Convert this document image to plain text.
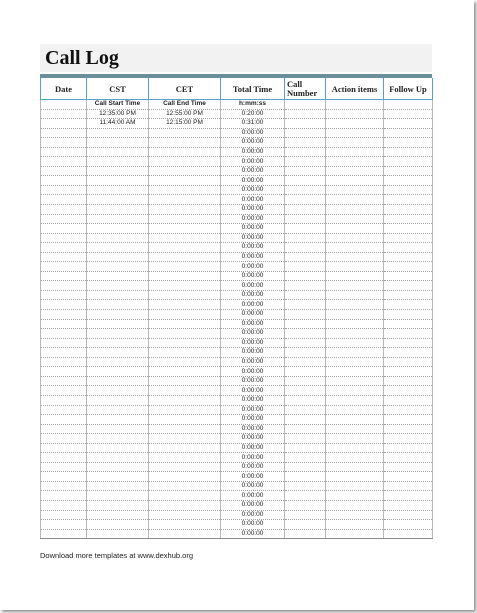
Call Log
Date	CST	CET	Total Time	Call Number	Action items	Follow Up
	Call Start Time	Call End Time	h:mm:ss			
	12:35:00 PM	12:55:00 PM	0:20:00			
	11:44:00 AM	12:15:00 PM	0:31:00			
			0:00:00			
			0:00:00			
			0:00:00			
			0:00:00			
			0:00:00			
			0:00:00			
			0:00:00			
			0:00:00			
			0:00:00			
			0:00:00			
			0:00:00			
			0:00:00			
			0:00:00			
			0:00:00			
			0:00:00			
			0:00:00			
			0:00:00			
			0:00:00			
			0:00:00			
			0:00:00			
			0:00:00			
			0:00:00			
			0:00:00			
			0:00:00			
			0:00:00			
			0:00:00			
			0:00:00			
			0:00:00			
			0:00:00			
			0:00:00			
			0:00:00			
			0:00:00			
			0:00:00			
			0:00:00			
			0:00:00			
			0:00:00			
			0:00:00			
			0:00:00			
			0:00:00			
			0:00:00			
			0:00:00			
			0:00:00			
			0:00:00			
Download more templates at www.dexhub.org
